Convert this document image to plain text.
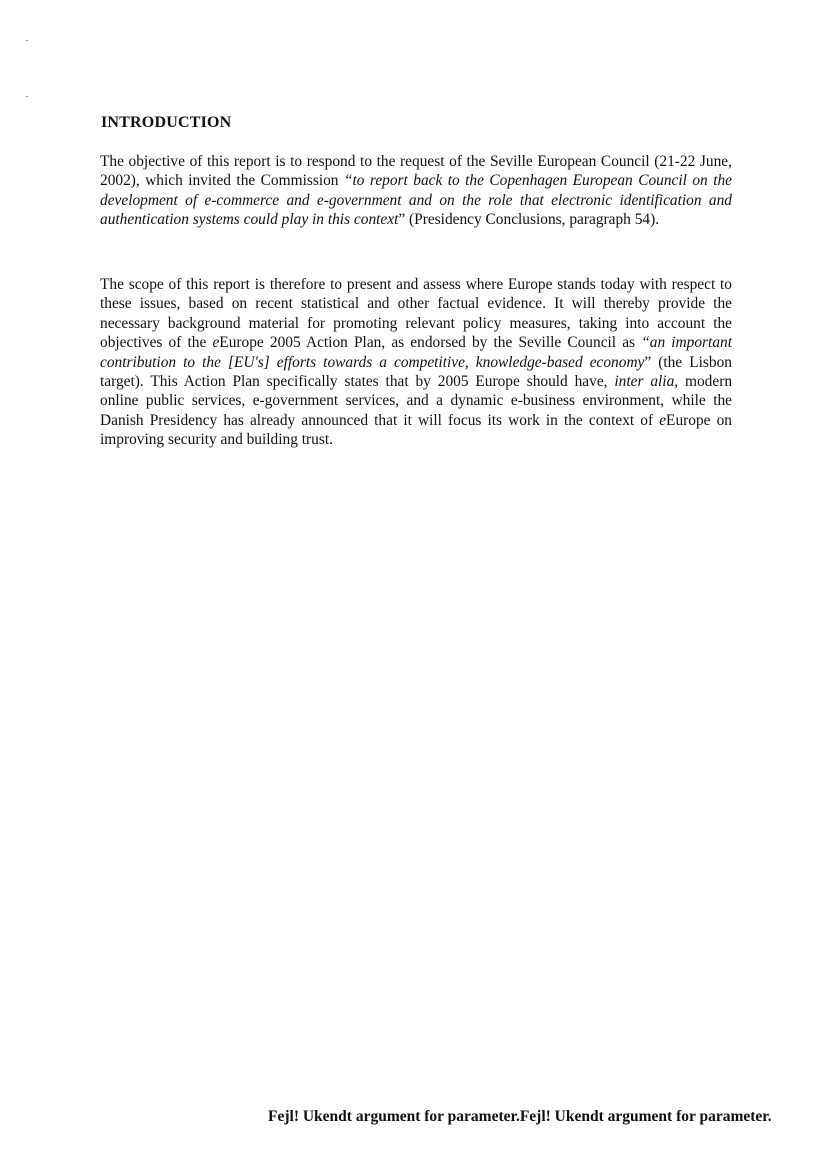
INTRODUCTION

The objective of this report is to respond to the request of the Seville European Council (21-22 June, 2002), which invited the Commission “to report back to the Copenhagen European Council on the development of e-commerce and e-government and on the role that electronic identification and authentication systems could play in this context” (Presidency Conclusions, paragraph 54).

The scope of this report is therefore to present and assess where Europe stands today with respect to these issues, based on recent statistical and other factual evidence. It will thereby provide the necessary background material for promoting relevant policy measures, taking into account the objectives of the eEurope 2005 Action Plan, as endorsed by the Seville Council as “an important contribution to the [EU's] efforts towards a competitive, knowledge-based economy” (the Lisbon target). This Action Plan specifically states that by 2005 Europe should have, inter alia, modern online public services, e-government services, and a dynamic e-business environment, while the Danish Presidency has already announced that it will focus its work in the context of eEurope on improving security and building trust.

Fejl! Ukendt argument for parameter.Fejl! Ukendt argument for parameter.
